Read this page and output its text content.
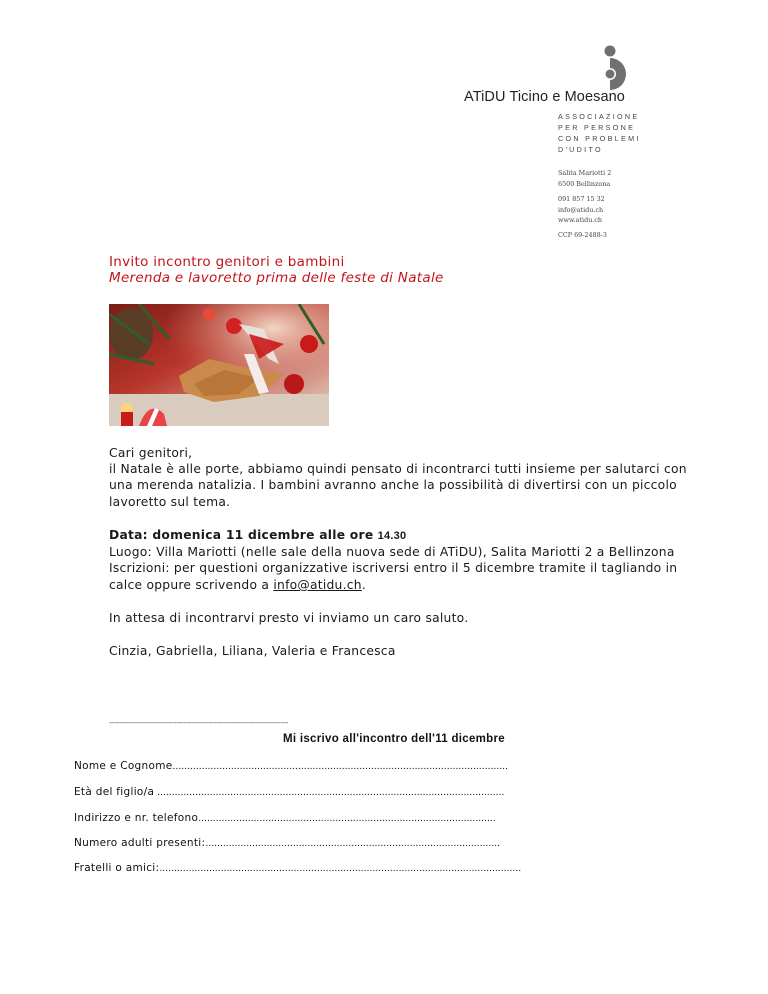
ATiDU Ticino e Moesano
ASSOCIAZIONE
PER PERSONE
CON PROBLEMI
D'UDITO
Salita Mariotti 2
6500 Bellinzona
091 857 15 32
info@atidu.ch
www.atidu.ch
CCP 69-2488-3
Invito incontro genitori e bambini
Merenda e lavoretto prima delle feste di Natale
Cari genitori,
il Natale è alle porte, abbiamo quindi pensato di incontrarci tutti insieme per salutarci con
una merenda natalizia. I bambini avranno anche la possibilità di divertirsi con un piccolo
lavoretto sul tema.
Data: domenica 11 dicembre alle ore 14.30
Luogo: Villa Mariotti (nelle sale della nuova sede di ATiDU), Salita Mariotti 2 a Bellinzona
Iscrizioni: per questioni organizzative iscriversi entro il 5 dicembre tramite il tagliando in
calce oppure scrivendo a info@atidu.ch.
In attesa di incontrarvi presto vi inviamo un caro saluto.
Cinzia, Gabriella, Liliana, Valeria e Francesca
------------------------------------------------------------------------
Mi iscrivo all'incontro dell'11 dicembre
Nome e Cognome...................................................................................................................
Età del figlio/a .......................................................................................................................
Indirizzo e nr. telefono......................................................................................................
Numero adulti presenti:.....................................................................................................
Fratelli o amici:............................................................................................................................
